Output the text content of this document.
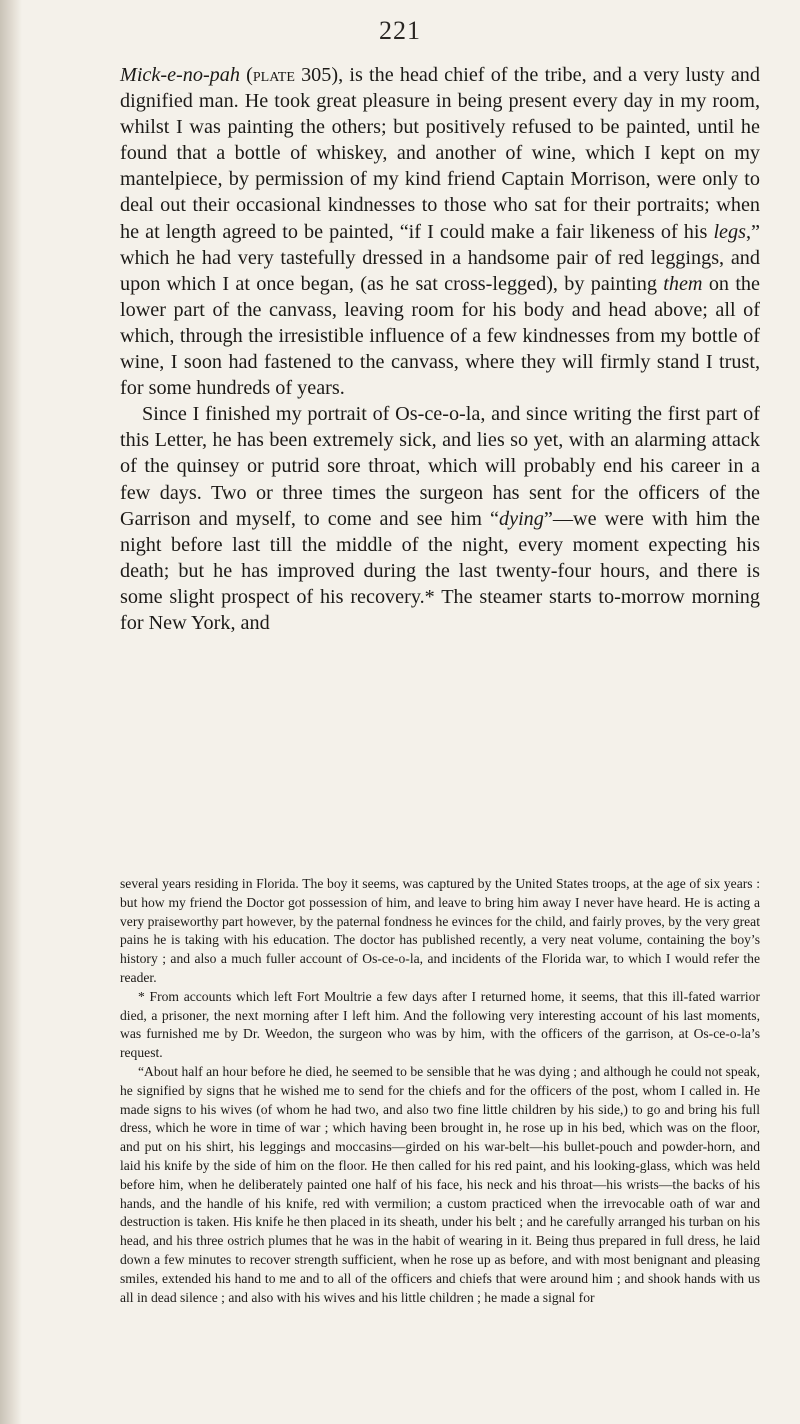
221

Mick-e-no-pah (plate 305), is the head chief of the tribe, and a very lusty and dignified man. He took great pleasure in being present every day in my room, whilst I was painting the others; but positively refused to be painted, until he found that a bottle of whiskey, and another of wine, which I kept on my mantelpiece, by permission of my kind friend Captain Morrison, were only to deal out their occasional kindnesses to those who sat for their portraits; when he at length agreed to be painted, “if I could make a fair likeness of his legs,” which he had very tastefully dressed in a handsome pair of red leggings, and upon which I at once began, (as he sat cross-legged), by painting them on the lower part of the canvass, leaving room for his body and head above; all of which, through the irresistible influence of a few kindnesses from my bottle of wine, I soon had fastened to the canvass, where they will firmly stand I trust, for some hundreds of years.

Since I finished my portrait of Os-ce-o-la, and since writing the first part of this Letter, he has been extremely sick, and lies so yet, with an alarming attack of the quinsey or putrid sore throat, which will probably end his career in a few days. Two or three times the surgeon has sent for the officers of the Garrison and myself, to come and see him “dying”—we were with him the night before last till the middle of the night, every moment expecting his death; but he has improved during the last twenty-four hours, and there is some slight prospect of his recovery.* The steamer starts to-morrow morning for New York, and

several years residing in Florida. The boy it seems, was captured by the United States troops, at the age of six years : but how my friend the Doctor got possession of him, and leave to bring him away I never have heard. He is acting a very praiseworthy part however, by the paternal fondness he evinces for the child, and fairly proves, by the very great pains he is taking with his education. The doctor has published recently, a very neat volume, containing the boy’s history ; and also a much fuller account of Os-ce-o-la, and incidents of the Florida war, to which I would refer the reader.

* From accounts which left Fort Moultrie a few days after I returned home, it seems, that this ill-fated warrior died, a prisoner, the next morning after I left him. And the following very interesting account of his last moments, was furnished me by Dr. Weedon, the surgeon who was by him, with the officers of the garrison, at Os-ce-o-la’s request.

“About half an hour before he died, he seemed to be sensible that he was dying ; and although he could not speak, he signified by signs that he wished me to send for the chiefs and for the officers of the post, whom I called in. He made signs to his wives (of whom he had two, and also two fine little children by his side,) to go and bring his full dress, which he wore in time of war ; which having been brought in, he rose up in his bed, which was on the floor, and put on his shirt, his leggings and moccasins—girded on his war-belt—his bullet-pouch and powder-horn, and laid his knife by the side of him on the floor. He then called for his red paint, and his looking-glass, which was held before him, when he deliberately painted one half of his face, his neck and his throat—his wrists—the backs of his hands, and the handle of his knife, red with vermilion; a custom practiced when the irrevocable oath of war and destruction is taken. His knife he then placed in its sheath, under his belt ; and he carefully arranged his turban on his head, and his three ostrich plumes that he was in the habit of wearing in it. Being thus prepared in full dress, he laid down a few minutes to recover strength sufficient, when he rose up as before, and with most benignant and pleasing smiles, extended his hand to me and to all of the officers and chiefs that were around him ; and shook hands with us all in dead silence ; and also with his wives and his little children ; he made a signal for
